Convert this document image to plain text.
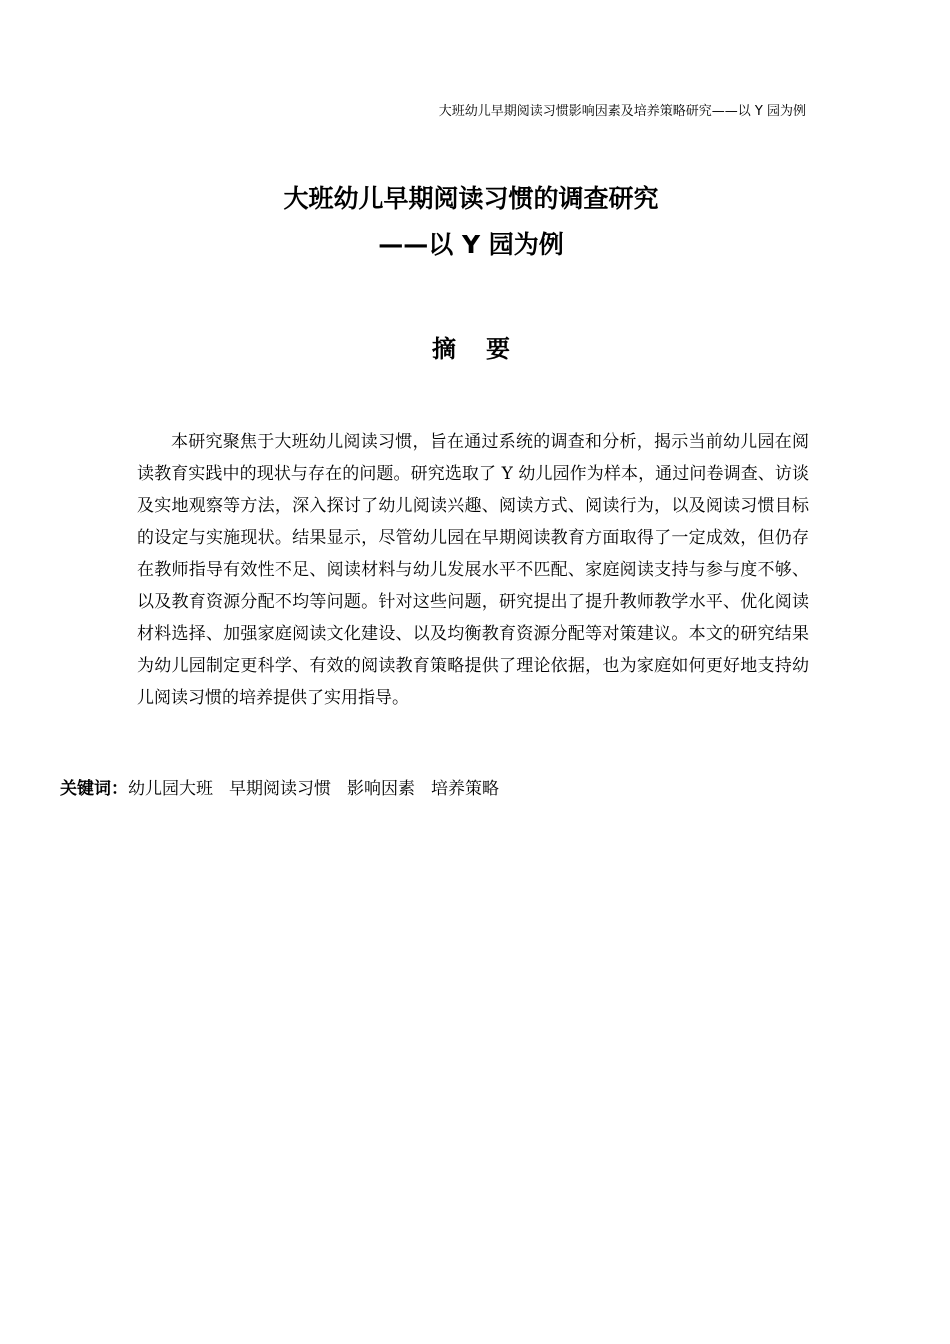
大班幼儿早期阅读习惯影响因素及培养策略研究——以 Y 园为例
大班幼儿早期阅读习惯的调查研究
——以 Y 园为例
摘要
本研究聚焦于大班幼儿阅读习惯，旨在通过系统的调查和分析，揭示当前幼儿园在阅读教育实践中的现状与存在的问题。研究选取了 Y 幼儿园作为样本，通过问卷调查、访谈及实地观察等方法，深入探讨了幼儿阅读兴趣、阅读方式、阅读行为，以及阅读习惯目标的设定与实施现状。结果显示，尽管幼儿园在早期阅读教育方面取得了一定成效，但仍存在教师指导有效性不足、阅读材料与幼儿发展水平不匹配、家庭阅读支持与参与度不够、以及教育资源分配不均等问题。针对这些问题，研究提出了提升教师教学水平、优化阅读材料选择、加强家庭阅读文化建设、以及均衡教育资源分配等对策建议。本文的研究结果为幼儿园制定更科学、有效的阅读教育策略提供了理论依据，也为家庭如何更好地支持幼儿阅读习惯的培养提供了实用指导。
关键词：幼儿园大班 早期阅读习惯 影响因素 培养策略
